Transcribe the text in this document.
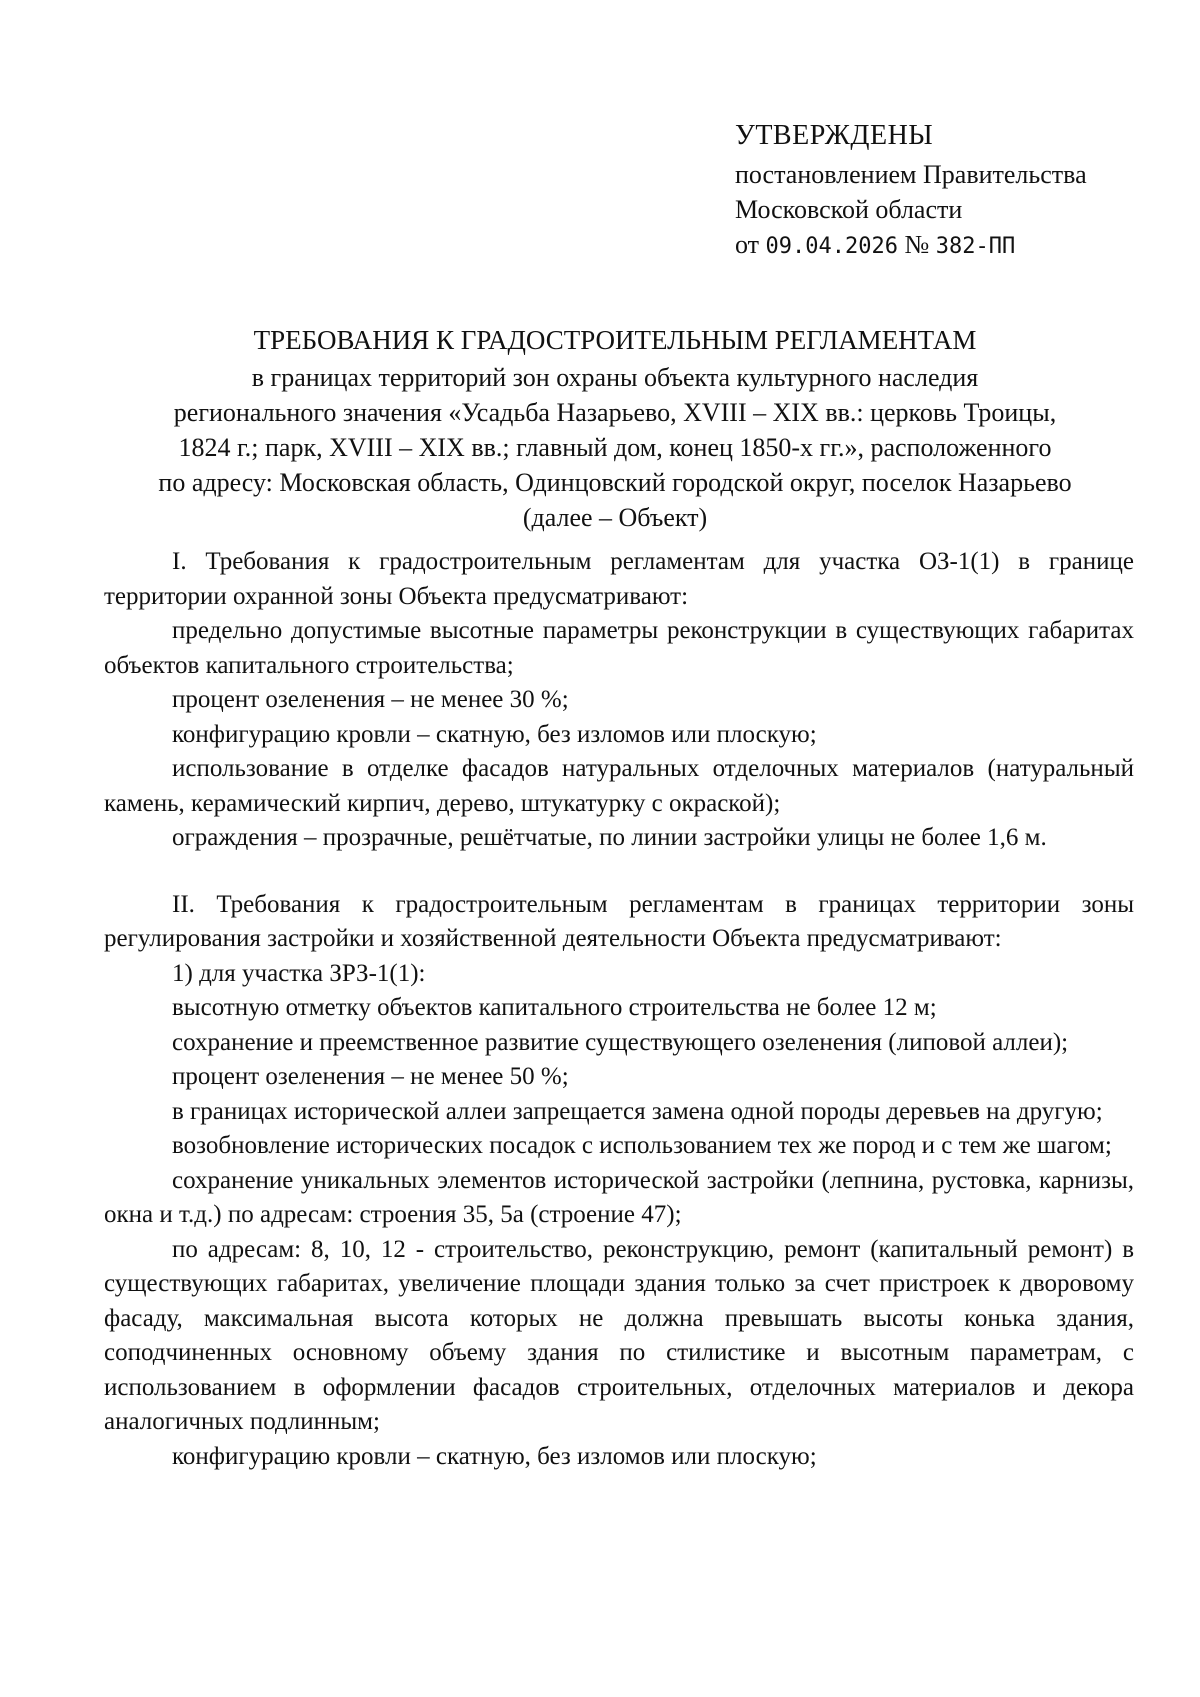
УТВЕРЖДЕНЫ
постановлением Правительства
Московской области
от 09.04.2026 № 382-ПП
ТРЕБОВАНИЯ К ГРАДОСТРОИТЕЛЬНЫМ РЕГЛАМЕНТАМ
в границах территорий зон охраны объекта культурного наследия
регионального значения «Усадьба Назарьево, XVIII – XIX вв.: церковь Троицы,
1824 г.; парк, XVIII – XIX вв.; главный дом, конец 1850-х гг.», расположенного
по адресу: Московская область, Одинцовский городской округ, поселок Назарьево
(далее – Объект)

I. Требования к градостроительным регламентам для участка ОЗ-1(1) в границе территории охранной зоны Объекта предусматривают:

предельно допустимые высотные параметры реконструкции в существующих габаритах объектов капитального строительства;

процент озеленения – не менее 30 %;

конфигурацию кровли – скатную, без изломов или плоскую;

использование в отделке фасадов натуральных отделочных материалов (натуральный камень, керамический кирпич, дерево, штукатурку с окраской);

ограждения – прозрачные, решётчатые, по линии застройки улицы не более 1,6 м.

II. Требования к градостроительным регламентам в границах территории зоны регулирования застройки и хозяйственной деятельности Объекта предусматривают:

1) для участка ЗРЗ-1(1):

высотную отметку объектов капитального строительства не более 12 м;

сохранение и преемственное развитие существующего озеленения (липовой аллеи);

процент озеленения – не менее 50 %;

в границах исторической аллеи запрещается замена одной породы деревьев на другую;

возобновление исторических посадок с использованием тех же пород и с тем же шагом;

сохранение уникальных элементов исторической застройки (лепнина, рустовка, карнизы, окна и т.д.) по адресам: строения 35, 5а (строение 47);

по адресам: 8, 10, 12 - строительство, реконструкцию, ремонт (капитальный ремонт) в существующих габаритах, увеличение площади здания только за счет пристроек к дворовому фасаду, максимальная высота которых не должна превышать высоты конька здания, соподчиненных основному объему здания по стилистике и высотным параметрам, с использованием в оформлении фасадов строительных, отделочных материалов и декора аналогичных подлинным;

конфигурацию кровли – скатную, без изломов или плоскую;
